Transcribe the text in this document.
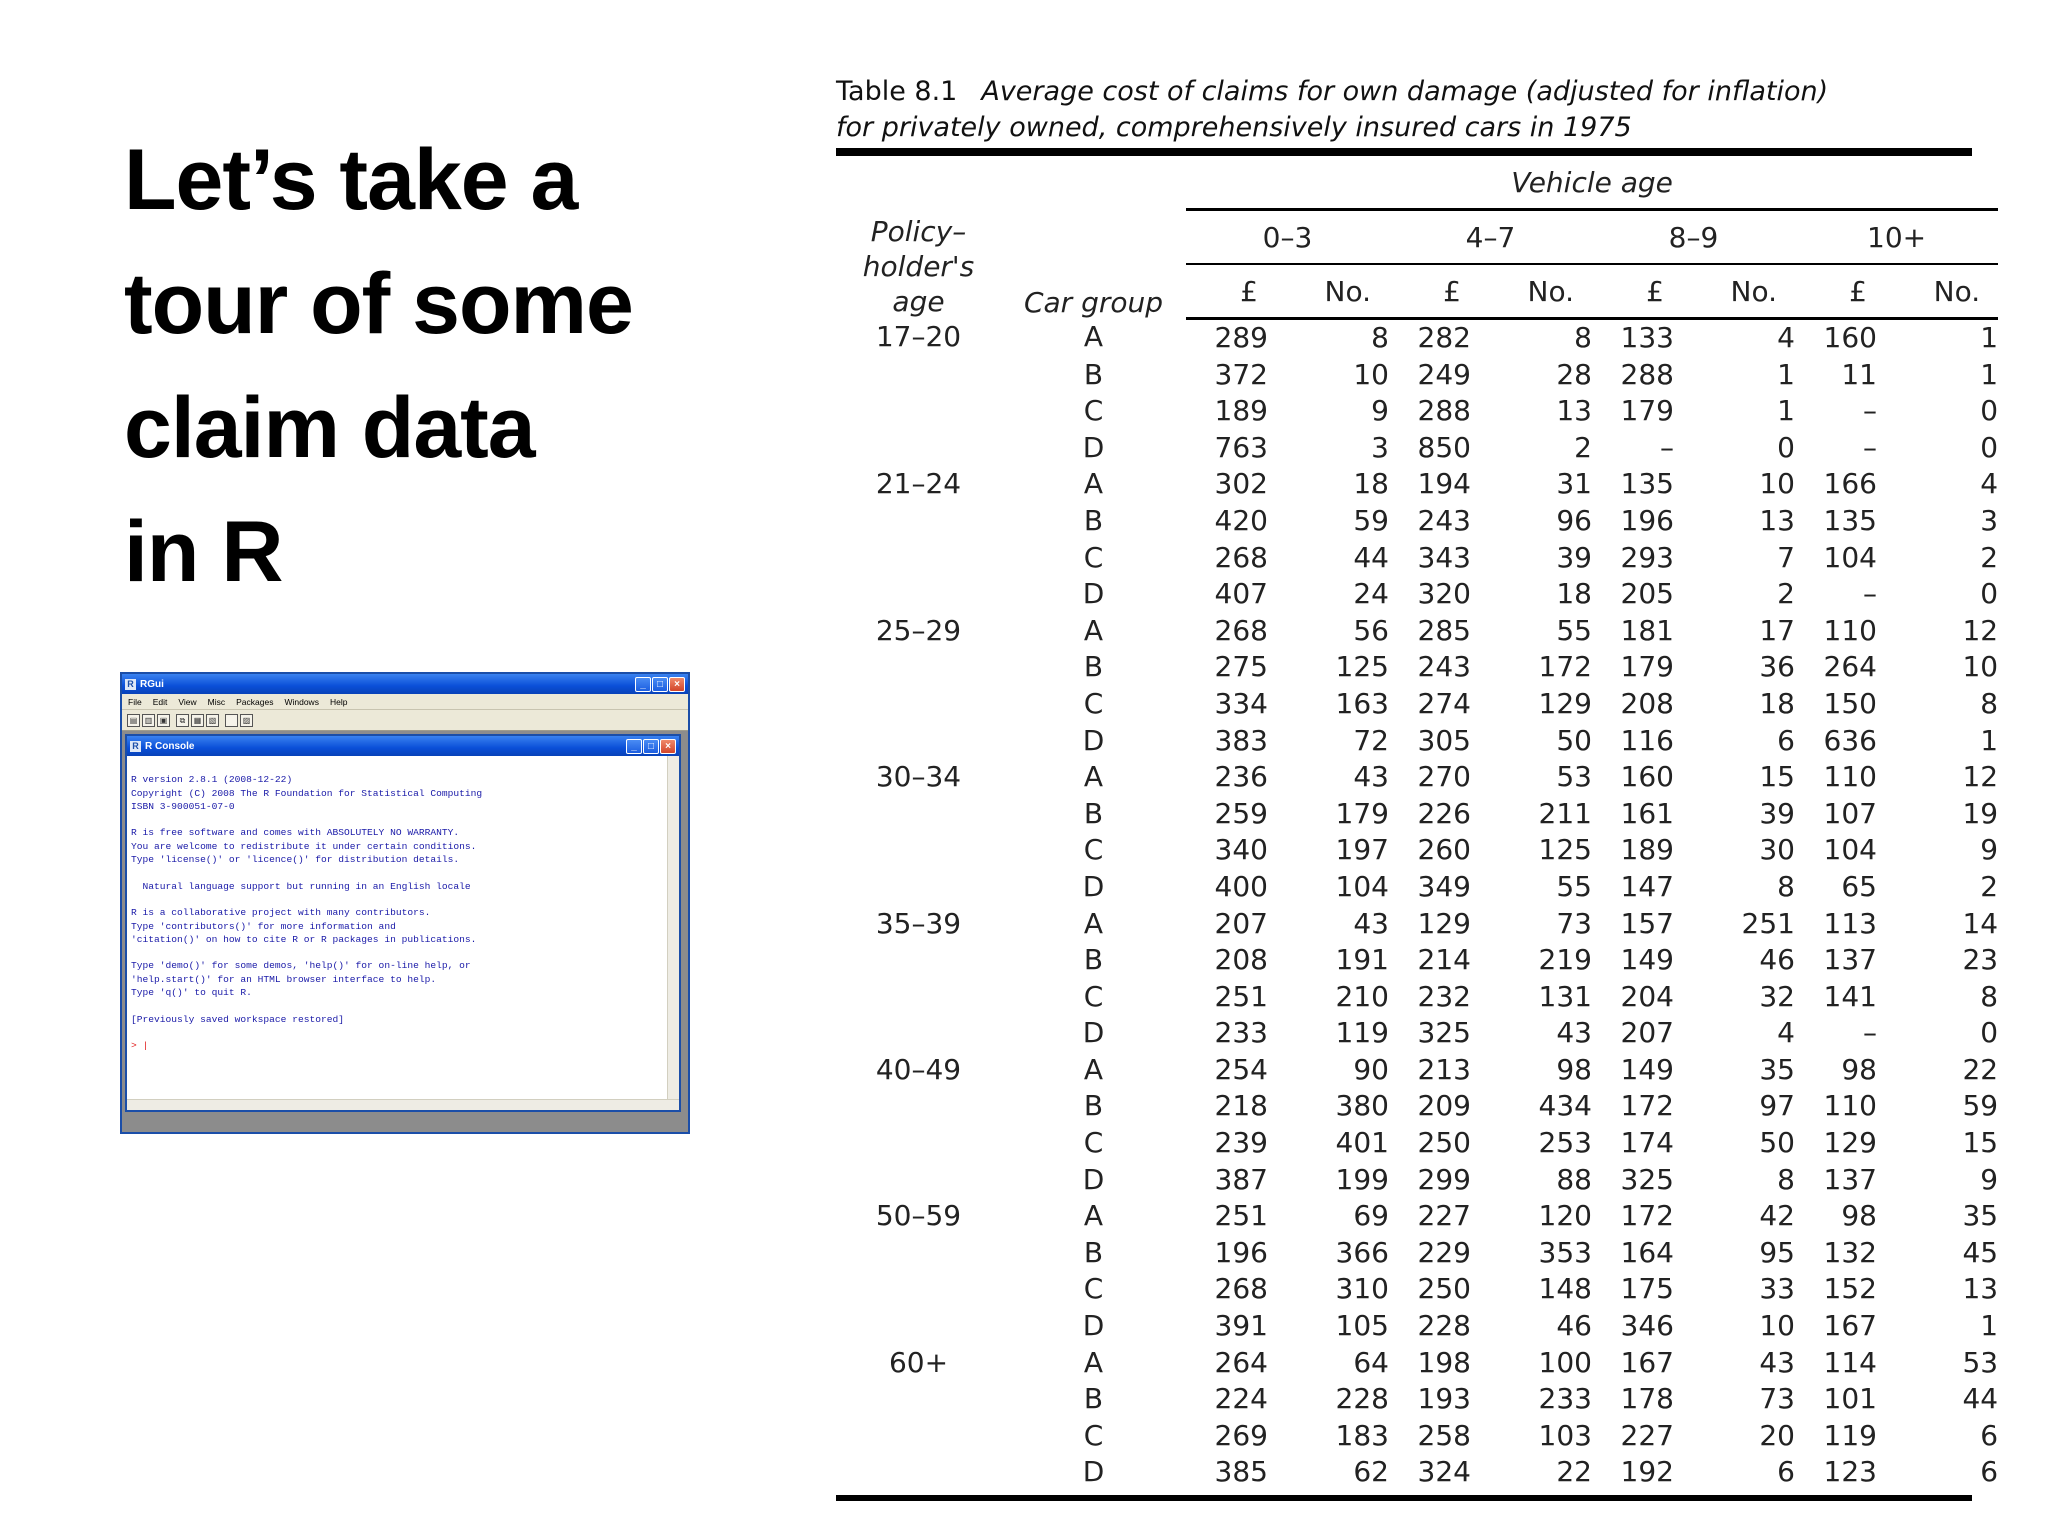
Let’s take a
tour of some
claim data
in R
R RGui	_	□	×
File Edit View Misc Packages Windows Help
▤ ▥ ▣	⧉	▦ ▧	▨
R R Console	_	□	×
R version 2.8.1 (2008-12-22)
Copyright (C) 2008 The R Foundation for Statistical Computing
ISBN 3-900051-07-0
R is free software and comes with ABSOLUTELY NO WARRANTY.
You are welcome to redistribute it under certain conditions.
Type 'license()' or 'licence()' for distribution details.
Natural language support but running in an English locale
R is a collaborative project with many contributors.
Type 'contributors()' for more information and
'citation()' on how to cite R or R packages in publications.
Type 'demo()' for some demos, 'help()' for on-line help, or
'help.start()' for an HTML browser interface to help.
Type 'q()' to quit R.
[Previously saved workspace restored]
> |
Table 8.1 Average cost of claims for own damage (adjusted for inflation)
for privately owned, comprehensively insured cars in 1975
Policy–
holder's
age	Car group	Vehicle age							
		0–3		4–7		8–9		10+	
		£	No.	£	No.	£	No.	£	No.
17–20	A	289	8	282	8	133	4	160	1
	B	372	10	249	28	288	1	11	1
	C	189	9	288	13	179	1	–	0
	D	763	3	850	2	–	0	–	0
21–24	A	302	18	194	31	135	10	166	4
	B	420	59	243	96	196	13	135	3
	C	268	44	343	39	293	7	104	2
	D	407	24	320	18	205	2	–	0
25–29	A	268	56	285	55	181	17	110	12
	B	275	125	243	172	179	36	264	10
	C	334	163	274	129	208	18	150	8
	D	383	72	305	50	116	6	636	1
30–34	A	236	43	270	53	160	15	110	12
	B	259	179	226	211	161	39	107	19
	C	340	197	260	125	189	30	104	9
	D	400	104	349	55	147	8	65	2
35–39	A	207	43	129	73	157	251	113	14
	B	208	191	214	219	149	46	137	23
	C	251	210	232	131	204	32	141	8
	D	233	119	325	43	207	4	–	0
40–49	A	254	90	213	98	149	35	98	22
	B	218	380	209	434	172	97	110	59
	C	239	401	250	253	174	50	129	15
	D	387	199	299	88	325	8	137	9
50–59	A	251	69	227	120	172	42	98	35
	B	196	366	229	353	164	95	132	45
	C	268	310	250	148	175	33	152	13
	D	391	105	228	46	346	10	167	1
60+	A	264	64	198	100	167	43	114	53
	B	224	228	193	233	178	73	101	44
	C	269	183	258	103	227	20	119	6
	D	385	62	324	22	192	6	123	6
